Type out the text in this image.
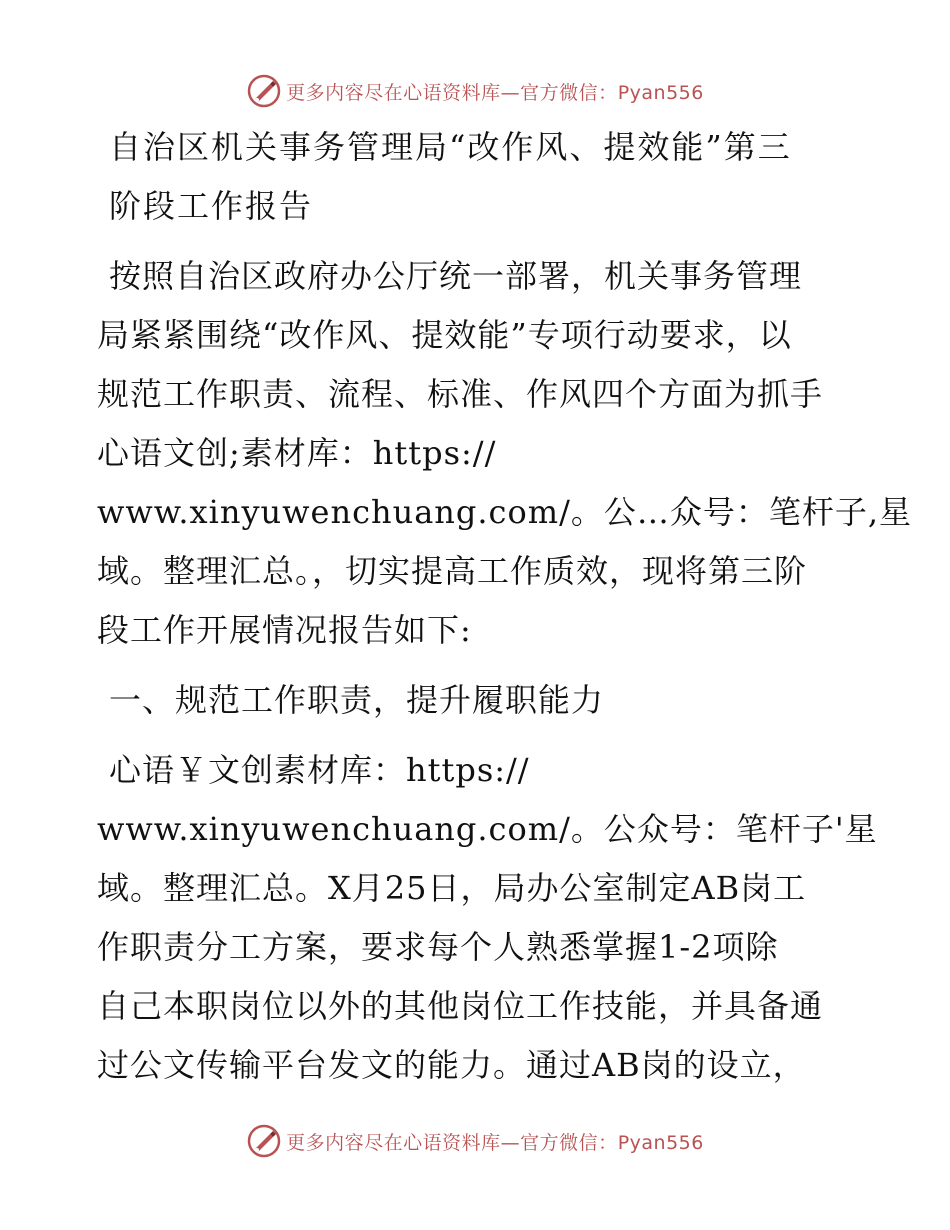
更多内容尽在心语资料库—官方微信：Pyan556
自治区机关事务管理局“改作风、提效能”第三
阶段工作报告

按照自治区政府办公厅统一部署，机关事务管理
局紧紧围绕“改作风、提效能”专项行动要求，以
规范工作职责、流程、标准、作风四个方面为抓手
心语文创;素材库：https://
www.xinyuwenchuang.com/。公…众号：笔杆子,星
域。整理汇总。，切实提高工作质效，现将第三阶
段工作开展情况报告如下:

一、规范工作职责，提升履职能力

心语￥文创素材库：https://
www.xinyuwenchuang.com/。公众号：笔杆子'星
域。整理汇总。X月25日，局办公室制定AB岗工
作职责分工方案，要求每个人熟悉掌握1-2项除
自己本职岗位以外的其他岗位工作技能，并具备通
过公文传输平台发文的能力。通过AB岗的设立，

更多内容尽在心语资料库—官方微信：Pyan556
